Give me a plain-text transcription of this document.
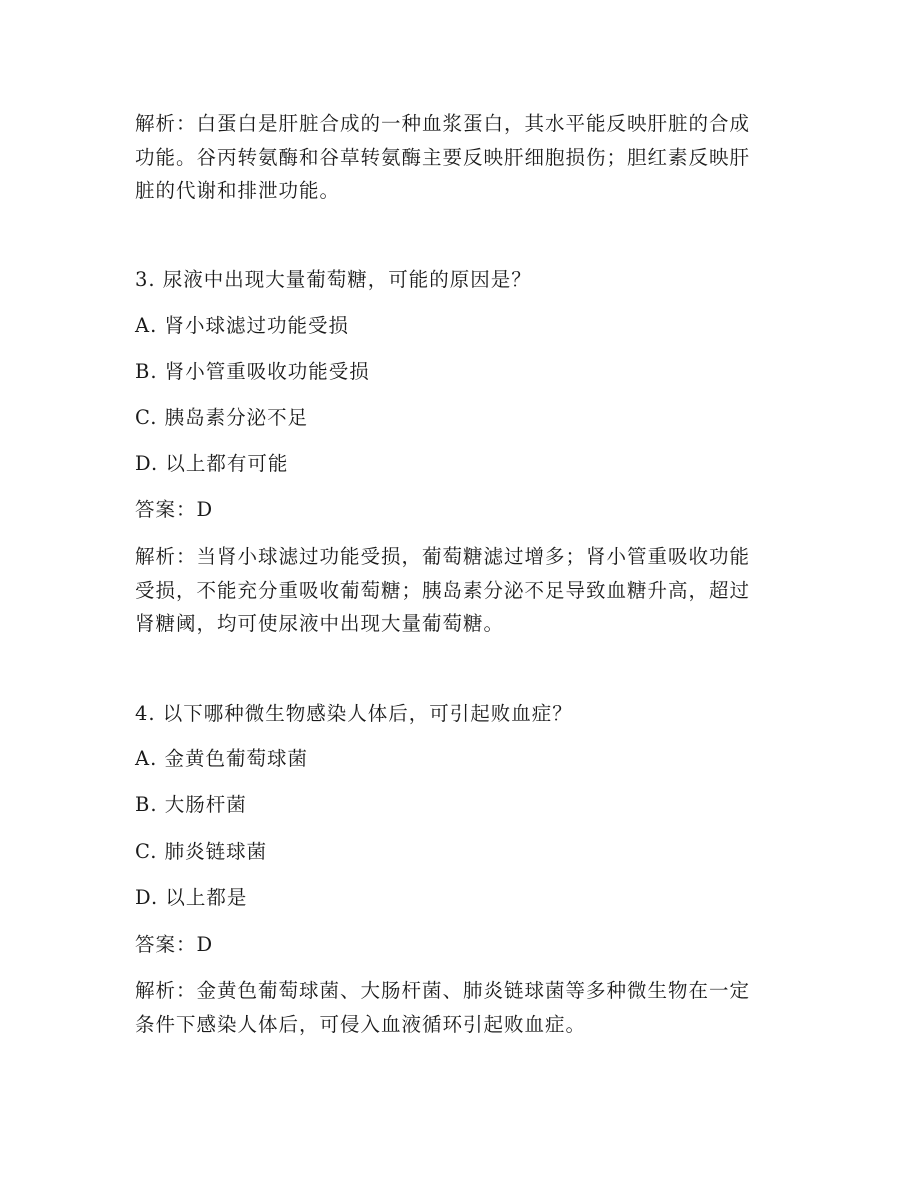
解析：白蛋白是肝脏合成的一种血浆蛋白，其水平能反映肝脏的合成
功能。谷丙转氨酶和谷草转氨酶主要反映肝细胞损伤；胆红素反映肝
脏的代谢和排泄功能。
3. 尿液中出现大量葡萄糖，可能的原因是？
A. 肾小球滤过功能受损
B. 肾小管重吸收功能受损
C. 胰岛素分泌不足
D. 以上都有可能
答案：D
解析：当肾小球滤过功能受损，葡萄糖滤过增多；肾小管重吸收功能
受损，不能充分重吸收葡萄糖；胰岛素分泌不足导致血糖升高，超过
肾糖阈，均可使尿液中出现大量葡萄糖。
4. 以下哪种微生物感染人体后，可引起败血症？
A. 金黄色葡萄球菌
B. 大肠杆菌
C. 肺炎链球菌
D. 以上都是
答案：D
解析：金黄色葡萄球菌、大肠杆菌、肺炎链球菌等多种微生物在一定
条件下感染人体后，可侵入血液循环引起败血症。
